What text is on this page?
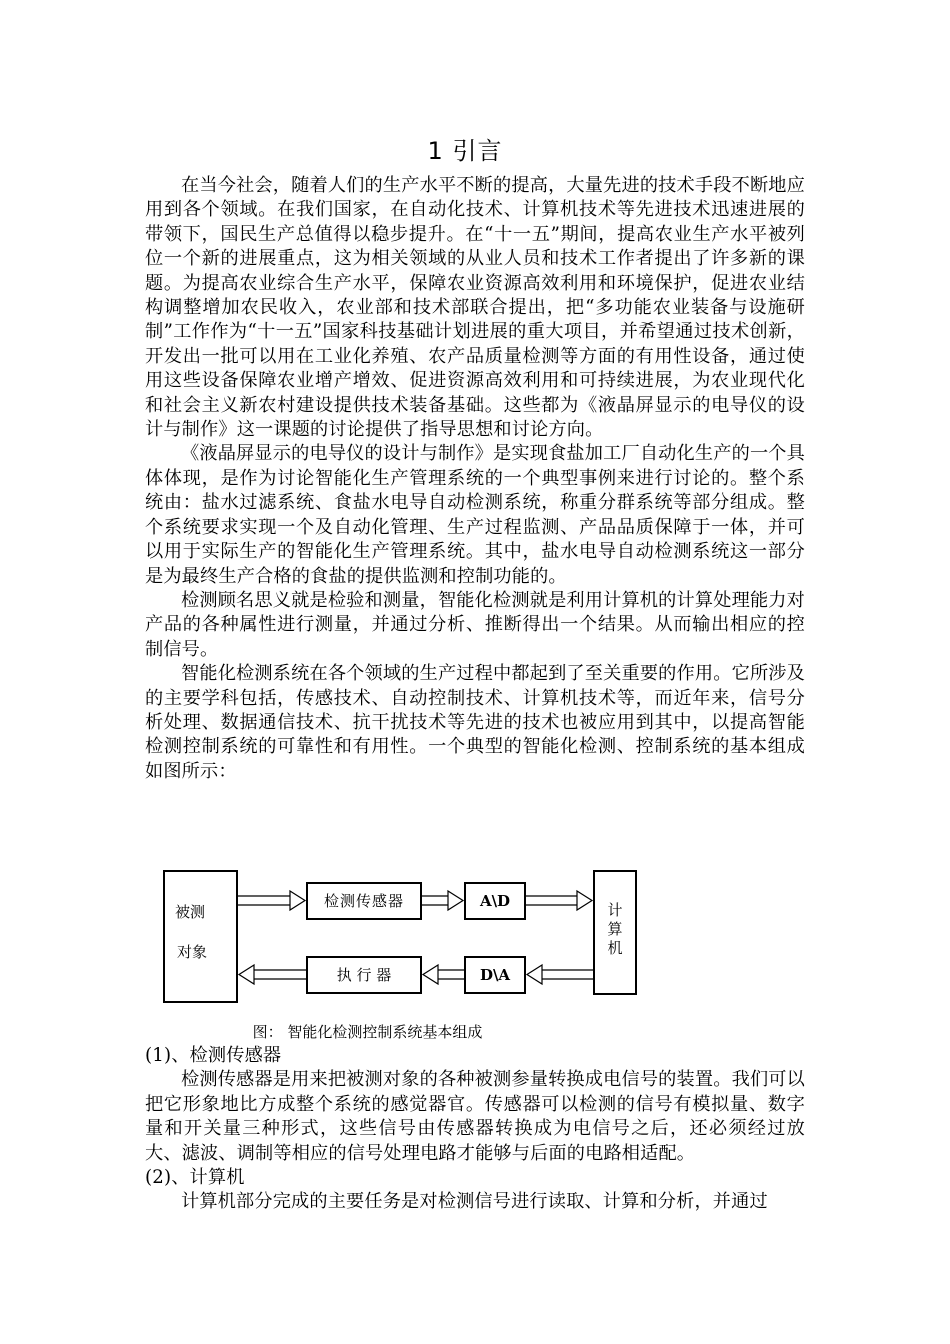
1 引言

在当今社会，随着人们的生产水平不断的提高，大量先进的技术手段不断地应用到各个领域。在我们国家，在自动化技术、计算机技术等先进技术迅速进展的带领下，国民生产总值得以稳步提升。在“十一五”期间，提高农业生产水平被列位一个新的进展重点，这为相关领域的从业人员和技术工作者提出了许多新的课题。为提高农业综合生产水平，保障农业资源高效利用和环境保护，促进农业结构调整增加农民收入，农业部和技术部联合提出，把“多功能农业装备与设施研制”工作作为“十一五”国家科技基础计划进展的重大项目，并希望通过技术创新，开发出一批可以用在工业化养殖、农产品质量检测等方面的有用性设备，通过使用这些设备保障农业增产增效、促进资源高效利用和可持续进展，为农业现代化和社会主义新农村建设提供技术装备基础。这些都为《液晶屏显示的电导仪的设计与制作》这一课题的讨论提供了指导思想和讨论方向。

《液晶屏显示的电导仪的设计与制作》是实现食盐加工厂自动化生产的一个具体体现，是作为讨论智能化生产管理系统的一个典型事例来进行讨论的。整个系统由：盐水过滤系统、食盐水电导自动检测系统，称重分群系统等部分组成。整个系统要求实现一个及自动化管理、生产过程监测、产品品质保障于一体，并可以用于实际生产的智能化生产管理系统。其中，盐水电导自动检测系统这一部分是为最终生产合格的食盐的提供监测和控制功能的。

检测顾名思义就是检验和测量，智能化检测就是利用计算机的计算处理能力对产品的各种属性进行测量，并通过分析、推断得出一个结果。从而输出相应的控制信号。

智能化检测系统在各个领域的生产过程中都起到了至关重要的作用。它所涉及的主要学科包括，传感技术、自动控制技术、计算机技术等，而近年来，信号分析处理、数据通信技术、抗干扰技术等先进的技术也被应用到其中，以提高智能检测控制系统的可靠性和有用性。一个典型的智能化检测、控制系统的基本组成如图所示：

被测
对象
检测传感器	A\D	计
算
机
执 行 器	D\A
图： 智能化检测控制系统基本组成
(1)、检测传感器

检测传感器是用来把被测对象的各种被测参量转换成电信号的装置。我们可以把它形象地比方成整个系统的感觉器官。传感器可以检测的信号有模拟量、数字量和开关量三种形式，这些信号由传感器转换成为电信号之后，还必须经过放大、滤波、调制等相应的信号处理电路才能够与后面的电路相适配。

(2)、计算机

计算机部分完成的主要任务是对检测信号进行读取、计算和分析，并通过
